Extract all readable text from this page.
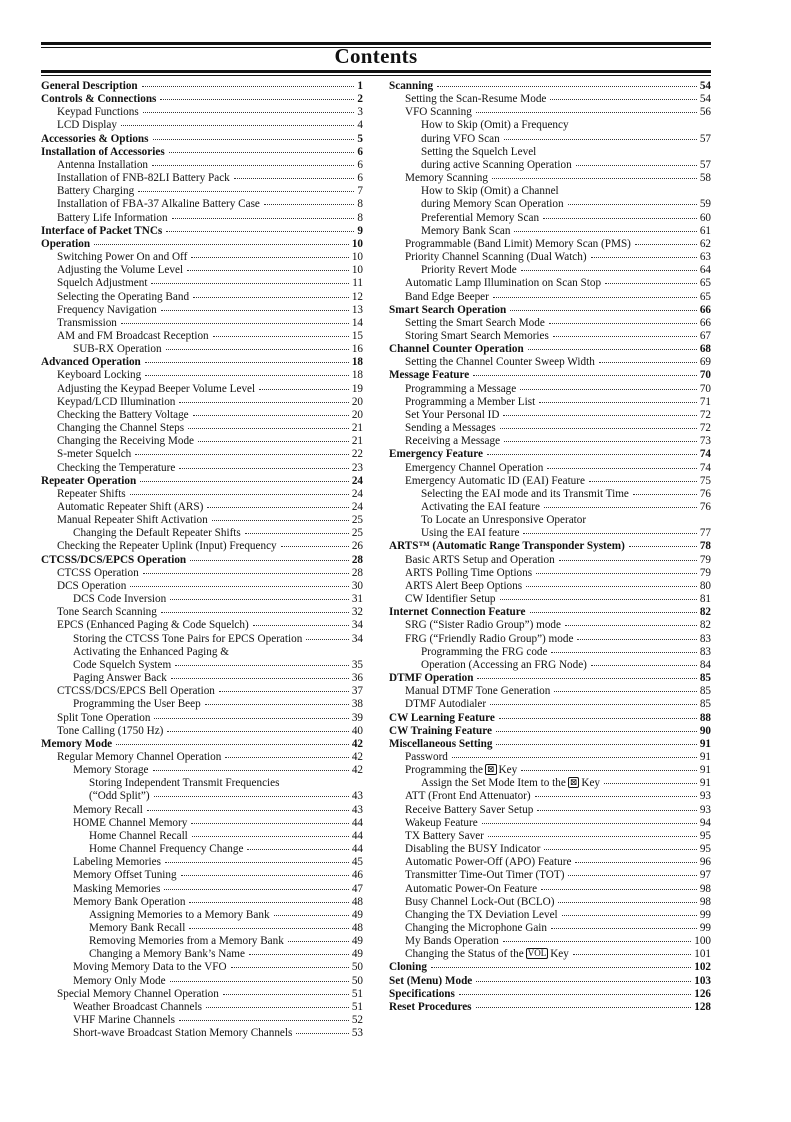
Contents
General Description	1
Controls & Connections	2
Keypad Functions	3
LCD Display	4
Accessories & Options	5
Installation of Accessories	6
Antenna Installation	6
Installation of FNB-82LI Battery Pack	6
Battery Charging	7
Installation of FBA-37 Alkaline Battery Case	8
Battery Life Information	8
Interface of Packet TNCs	9
Operation	10
Switching Power On and Off	10
Adjusting the Volume Level	10
Squelch Adjustment	11
Selecting the Operating Band	12
Frequency Navigation	13
Transmission	14
AM and FM Broadcast Reception	15
SUB-RX Operation	16
Advanced Operation	18
Keyboard Locking	18
Adjusting the Keypad Beeper Volume Level	19
Keypad/LCD Illumination	20
Checking the Battery Voltage	20
Changing the Channel Steps	21
Changing the Receiving Mode	21
S-meter Squelch	22
Checking the Temperature	23
Repeater Operation	24
Repeater Shifts	24
Automatic Repeater Shift (ARS)	24
Manual Repeater Shift Activation	25
Changing the Default Repeater Shifts	25
Checking the Repeater Uplink (Input) Frequency	26
CTCSS/DCS/EPCS Operation	28
CTCSS Operation	28
DCS Operation	30
DCS Code Inversion	31
Tone Search Scanning	32
EPCS (Enhanced Paging & Code Squelch)	34
Storing the CTCSS Tone Pairs for EPCS Operation	34
Activating the Enhanced Paging &
Code Squelch System	35
Paging Answer Back	36
CTCSS/DCS/EPCS Bell Operation	37
Programming the User Beep	38
Split Tone Operation	39
Tone Calling (1750 Hz)	40
Memory Mode	42
Regular Memory Channel Operation	42
Memory Storage	42
Storing Independent Transmit Frequencies
(“Odd Split”)	43
Memory Recall	43
HOME Channel Memory	44
Home Channel Recall	44
Home Channel Frequency Change	44
Labeling Memories	45
Memory Offset Tuning	46
Masking Memories	47
Memory Bank Operation	48
Assigning Memories to a Memory Bank	49
Memory Bank Recall	48
Removing Memories from a Memory Bank	49
Changing a Memory Bank’s Name	49
Moving Memory Data to the VFO	50
Memory Only Mode	50
Special Memory Channel Operation	51
Weather Broadcast Channels	51
VHF Marine Channels	52
Short-wave Broadcast Station Memory Channels	53
Scanning	54
Setting the Scan-Resume Mode	54
VFO Scanning	56
How to Skip (Omit) a Frequency
during VFO Scan	57
Setting the Squelch Level
during active Scanning Operation	57
Memory Scanning	58
How to Skip (Omit) a Channel
during Memory Scan Operation	59
Preferential Memory Scan	60
Memory Bank Scan	61
Programmable (Band Limit) Memory Scan (PMS)	62
Priority Channel Scanning (Dual Watch)	63
Priority Revert Mode	64
Automatic Lamp Illumination on Scan Stop	65
Band Edge Beeper	65
Smart Search Operation	66
Setting the Smart Search Mode	66
Storing Smart Search Memories	67
Channel Counter Operation	68
Setting the Channel Counter Sweep Width	69
Message Feature	70
Programming a Message	70
Programming a Member List	71
Set Your Personal ID	72
Sending a Messages	72
Receiving a Message	73
Emergency Feature	74
Emergency Channel Operation	74
Emergency Automatic ID (EAI) Feature	75
Selecting the EAI mode and its Transmit Time	76
Activating the EAI feature	76
To Locate an Unresponsive Operator
Using the EAI feature	77
ARTS™ (Automatic Range Transponder System)	78
Basic ARTS Setup and Operation	79
ARTS Polling Time Options	79
ARTS Alert Beep Options	80
CW Identifier Setup	81
Internet Connection Feature	82
SRG (“Sister Radio Group”) mode	82
FRG (“Friendly Radio Group”) mode	83
Programming the FRG code	83
Operation (Accessing an FRG Node)	84
DTMF Operation	85
Manual DTMF Tone Generation	85
DTMF Autodialer	85
CW Learning Feature	88
CW Training Feature	90
Miscellaneous Setting	91
Password	91
Programming the ⊠ Key	91
Assign the Set Mode Item to the ⊠ Key	91
ATT (Front End Attenuator)	93
Receive Battery Saver Setup	93
Wakeup Feature	94
TX Battery Saver	95
Disabling the BUSY Indicator	95
Automatic Power-Off (APO) Feature	96
Transmitter Time-Out Timer (TOT)	97
Automatic Power-On Feature	98
Busy Channel Lock-Out (BCLO)	98
Changing the TX Deviation Level	99
Changing the Microphone Gain	99
My Bands Operation	100
Changing the Status of the VOL Key	101
Cloning	102
Set (Menu) Mode	103
Specifications	126
Reset Procedures	128
